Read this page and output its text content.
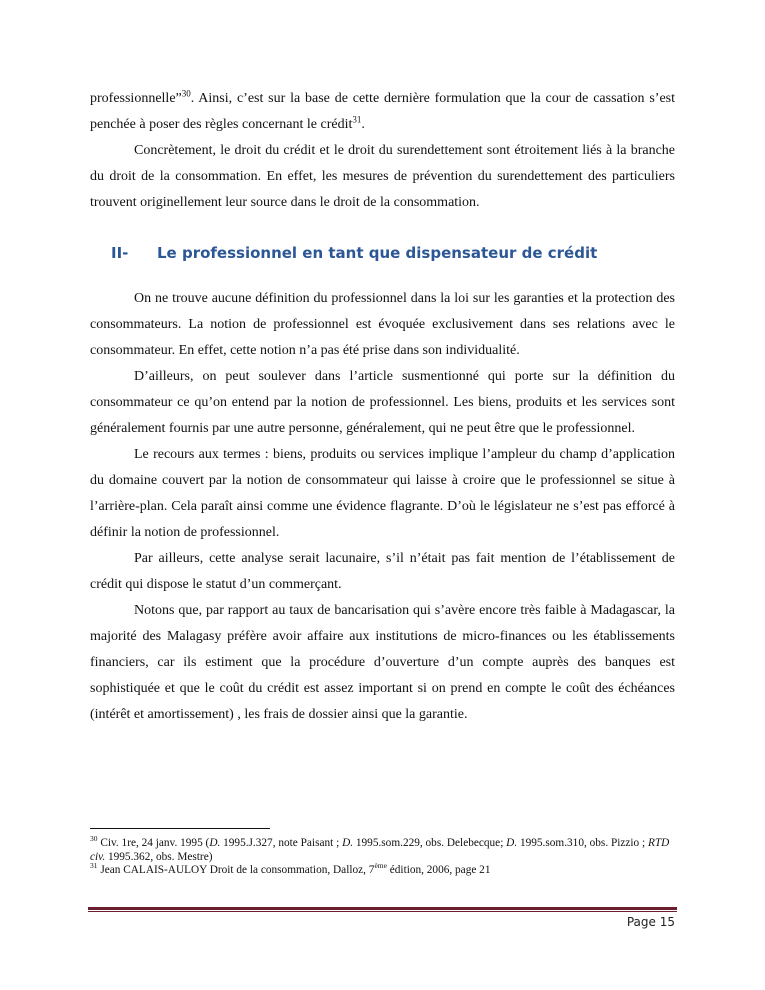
professionnelle”$^{30}$. Ainsi, c’est sur la base de cette dernière formulation que la cour de cassation s’est penchée à poser des règles concernant le crédit$^{31}$.

Concrètement, le droit du crédit et le droit du surendettement sont étroitement liés à la branche du droit de la consommation. En effet, les mesures de prévention du surendettement des particuliers trouvent originellement leur source dans le droit de la consommation.

II-	Le professionnel en tant que dispensateur de crédit

On ne trouve aucune définition du professionnel dans la loi sur les garanties et la protection des consommateurs. La notion de professionnel est évoquée exclusivement dans ses relations avec le consommateur. En effet, cette notion n’a pas été prise dans son individualité.

D’ailleurs, on peut soulever dans l’article susmentionné qui porte sur la définition du consommateur ce qu’on entend par la notion de professionnel. Les biens, produits et les services sont généralement fournis par une autre personne, généralement, qui ne peut être que le professionnel.

Le recours aux termes : biens, produits ou services implique l’ampleur du champ d’application du domaine couvert par la notion de consommateur qui laisse à croire que le professionnel se situe à l’arrière-plan. Cela paraît ainsi comme une évidence flagrante. D’où le législateur ne s’est pas efforcé à définir la notion de professionnel.

Par ailleurs, cette analyse serait lacunaire, s’il n’était pas fait mention de l’établissement de crédit qui dispose le statut d’un commerçant.

Notons que, par rapport au taux de bancarisation qui s’avère encore très faible à Madagascar, la majorité des Malagasy préfère avoir affaire aux institutions de micro-finances ou les établissements financiers, car ils estiment que la procédure d’ouverture d’un compte auprès des banques est sophistiquée et que le coût du crédit est assez important si on prend en compte le coût des échéances (intérêt et amortissement) , les frais de dossier ainsi que la garantie.

$^{30}$ Civ. 1re, 24 janv. 1995 (D. 1995.J.327, note Paisant ; D. 1995.som.229, obs. Delebecque; D. 1995.som.310, obs. Pizzio ; RTD civ. 1995.362, obs. Mestre)

$^{31}$ Jean CALAIS-AULOY Droit de la consommation, Dalloz, 7ème édition, 2006, page 21

Page 15
